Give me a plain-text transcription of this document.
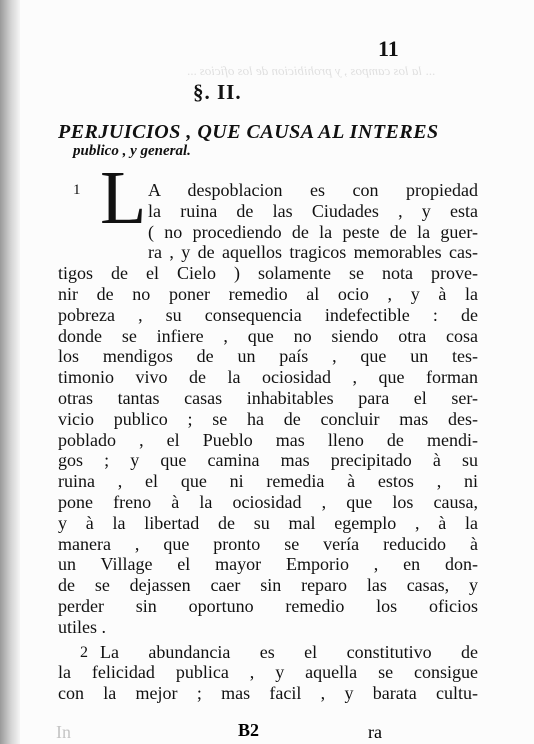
... la los campos , y prohibicion de los oficios ...
11
§. II.
PERJUICIOS , QUE CAUSA AL INTERES
publico , y general.
1 L A despoblacion es con propiedad
la ruina de las Ciudades , y esta
( no procediendo de la peste de la guer-
ra , y de aquellos tragicos memorables cas-
tigos de el Cielo ) solamente se nota prove-
nir de no poner remedio al ocio , y à la
pobreza , su consequencia indefectible : de
donde se infiere , que no siendo otra cosa
los mendigos de un país , que un tes-
timonio vivo de la ociosidad , que forman
otras tantas casas inhabitables para el ser-
vicio publico ; se ha de concluir mas des-
poblado , el Pueblo mas lleno de mendi-
gos ; y que camina mas precipitado à su
ruina , el que ni remedia à estos , ni
pone freno à la ociosidad , que los causa,
y à la libertad de su mal egemplo , à la
manera , que pronto se vería reducido à
un Village el mayor Emporio , en don-
de se dejassen caer sin reparo las casas, y
perder sin oportuno remedio los oficios
utiles .
2 La abundancia es el constitutivo de
la felicidad publica , y aquella se consigue
con la mejor ; mas facil , y barata cultu-
B2	ra
In
